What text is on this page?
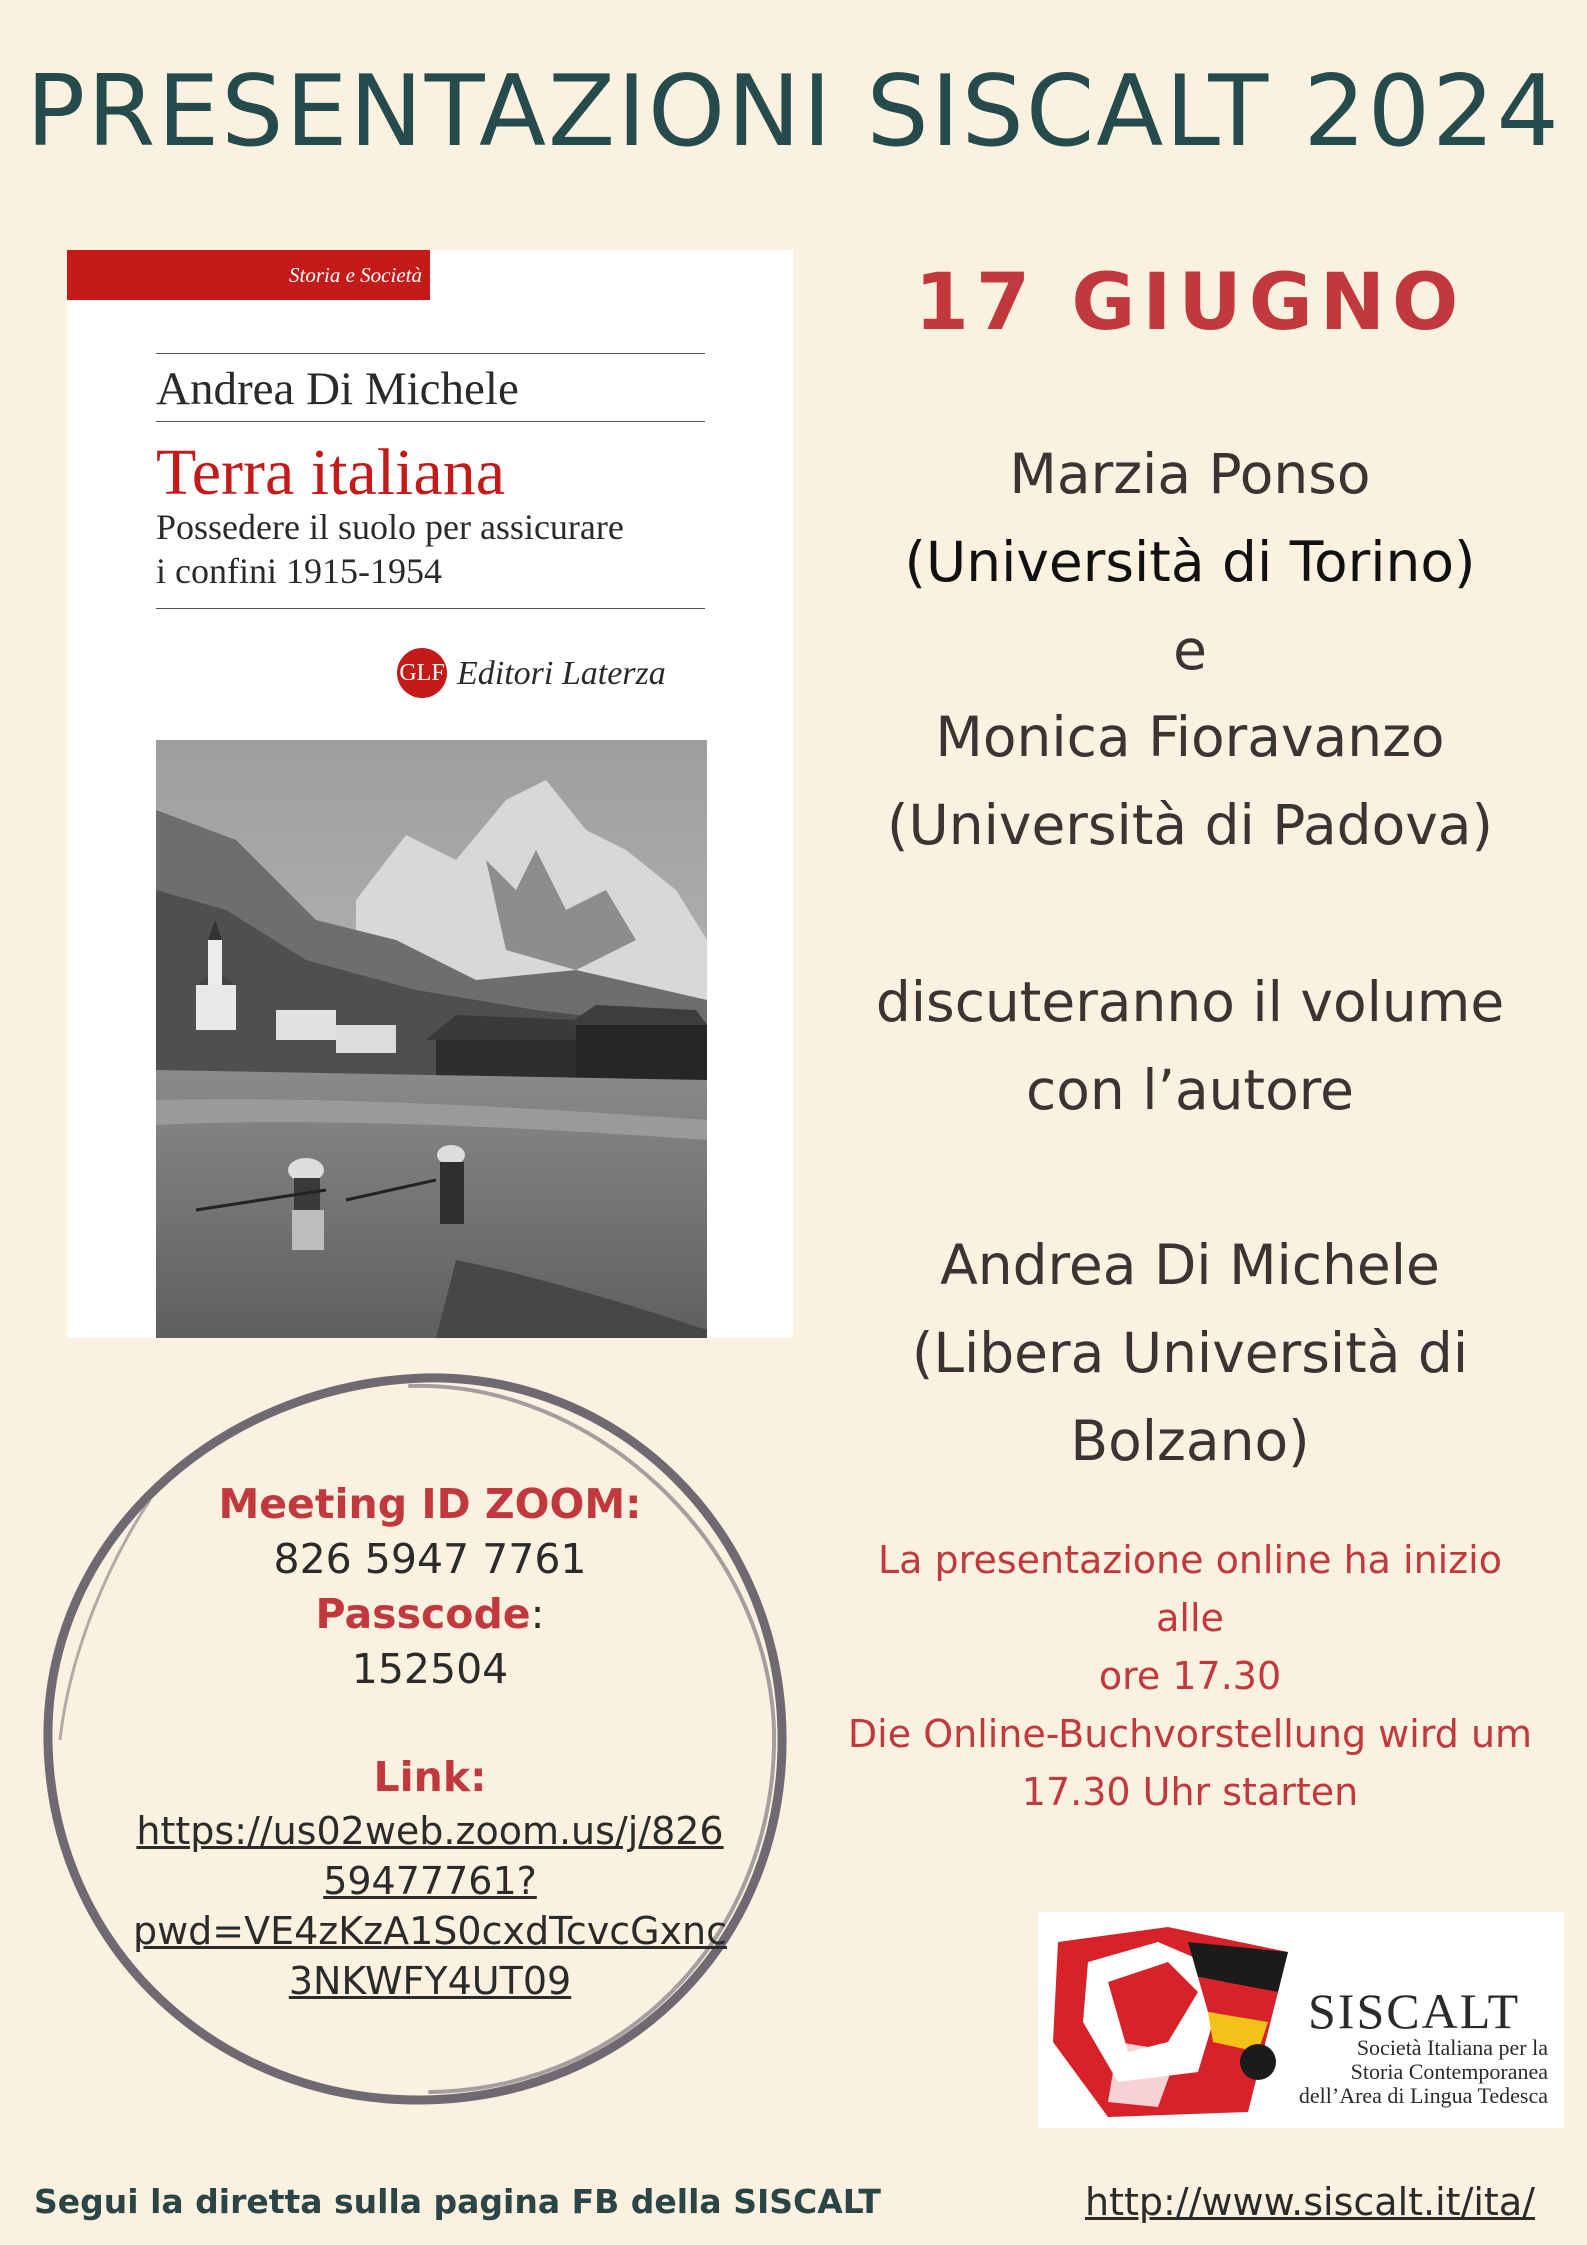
PRESENTAZIONI SISCALT 2024
Storia e Società
Andrea Di Michele
Terra italiana
Possedere il suolo per assicurare
i confini 1915-1954
GLF Editori Laterza
17 GIUGNO
Marzia Ponso
(Università di Torino)
e
Monica Fioravanzo
(Università di Padova)
discuteranno il volume
con l’autore
Andrea Di Michele
(Libera Università di
Bolzano)
La presentazione online ha inizio alle
ore 17.30
Die Online-Buchvorstellung wird um
17.30 Uhr starten
Meeting ID ZOOM:
826 5947 7761
Passcode:
152504
Link:
https://us02web.zoom.us/j/826
59477761?
pwd=VE4zKzA1S0cxdTcvcGxnc
3NKWFY4UT09
SISCALT
Società Italiana per la
Storia Contemporanea
dell’Area di Lingua Tedesca
Segui la diretta sulla pagina FB della SISCALT	http://www.siscalt.it/ita/
